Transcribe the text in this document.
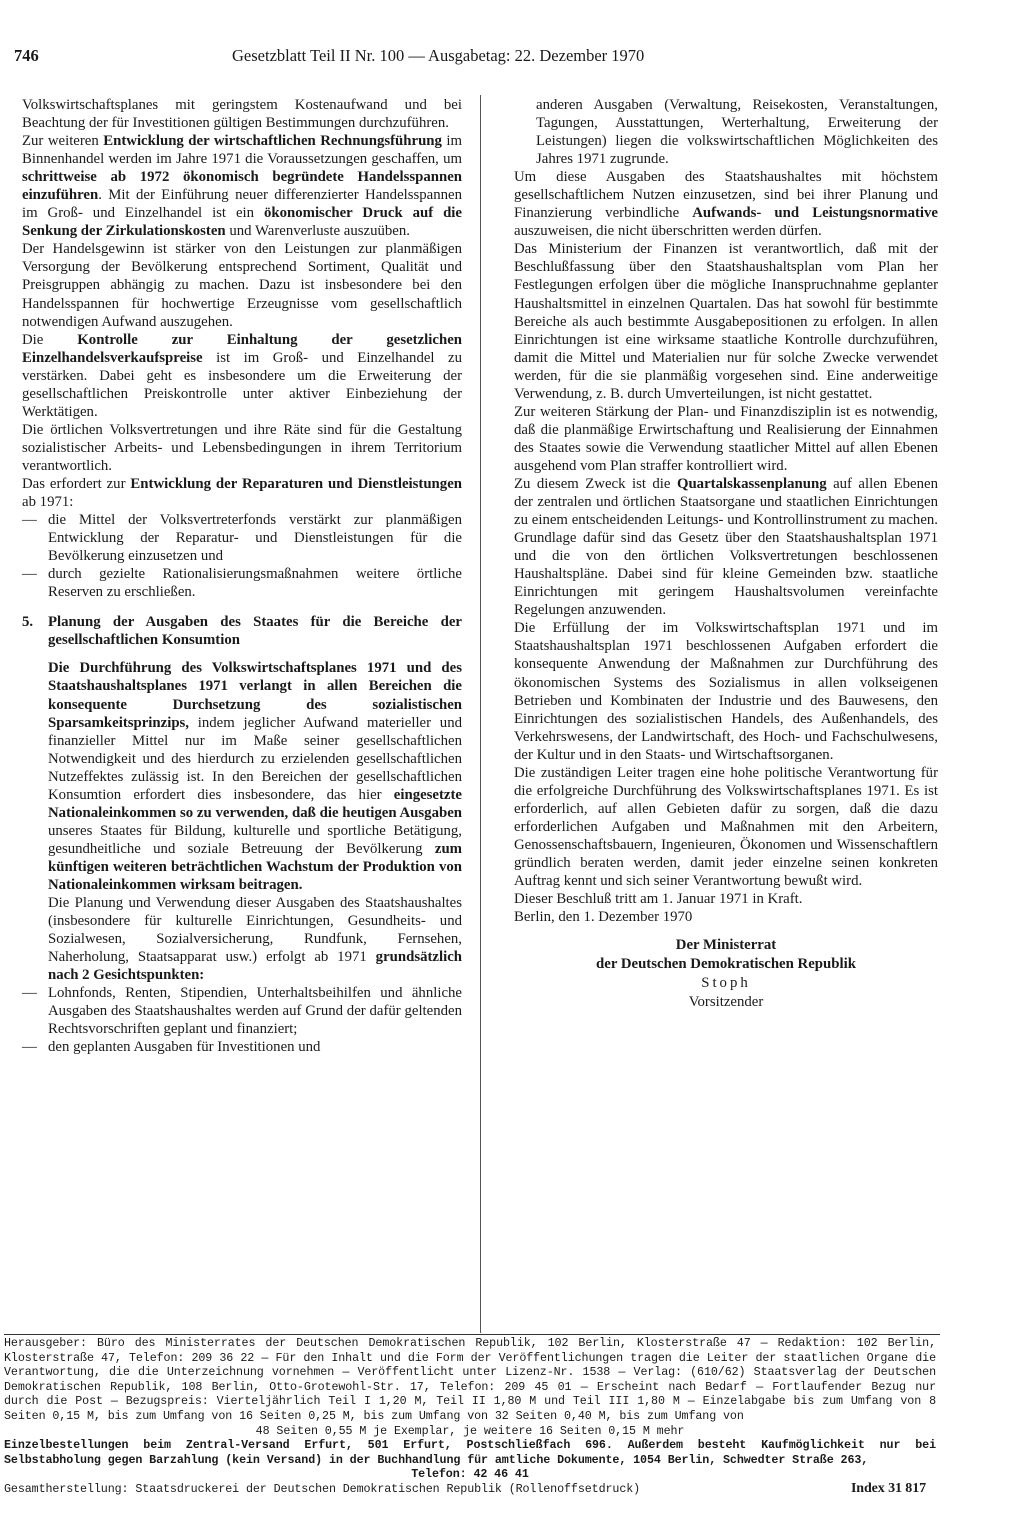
746	Gesetzblatt Teil II Nr. 100 — Ausgabetag: 22. Dezember 1970

Volkswirtschaftsplanes mit geringstem Kostenaufwand und bei Beachtung der für Investitionen gültigen Bestimmungen durchzuführen.

Zur weiteren Entwicklung der wirtschaftlichen Rechnungsführung im Binnenhandel werden im Jahre 1971 die Voraussetzungen geschaffen, um schrittweise ab 1972 ökonomisch begründete Handelsspannen einzuführen. Mit der Einführung neuer differenzierter Handelsspannen im Groß- und Einzelhandel ist ein ökonomischer Druck auf die Senkung der Zirkulationskosten und Warenverluste auszuüben.

Der Handelsgewinn ist stärker von den Leistungen zur planmäßigen Versorgung der Bevölkerung entsprechend Sortiment, Qualität und Preisgruppen abhängig zu machen. Dazu ist insbesondere bei den Handelsspannen für hochwertige Erzeugnisse vom gesellschaftlich notwendigen Aufwand auszugehen.

Die Kontrolle zur Einhaltung der gesetzlichen Einzelhandelsverkaufspreise ist im Groß- und Einzelhandel zu verstärken. Dabei geht es insbesondere um die Erweiterung der gesellschaftlichen Preiskontrolle unter aktiver Einbeziehung der Werktätigen.

Die örtlichen Volksvertretungen und ihre Räte sind für die Gestaltung sozialistischer Arbeits- und Lebensbedingungen in ihrem Territorium verantwortlich.

Das erfordert zur Entwicklung der Reparaturen und Dienstleistungen ab 1971:

— die Mittel der Volksvertreterfonds verstärkt zur planmäßigen Entwicklung der Reparatur- und Dienstleistungen für die Bevölkerung einzusetzen und
— durch gezielte Rationalisierungsmaßnahmen weitere örtliche Reserven zu erschließen.
5.	Planung der Ausgaben des Staates für die Bereiche der gesellschaftlichen Konsumtion

Die Durchführung des Volkswirtschaftsplanes 1971 und des Staatshaushaltsplanes 1971 verlangt in allen Bereichen die konsequente Durchsetzung des sozialistischen Sparsamkeitsprinzips, indem jeglicher Aufwand materieller und finanzieller Mittel nur im Maße seiner gesellschaftlichen Notwendigkeit und des hierdurch zu erzielenden gesellschaftlichen Nutzeffektes zulässig ist. In den Bereichen der gesellschaftlichen Konsumtion erfordert dies insbesondere, das hier eingesetzte Nationaleinkommen so zu verwenden, daß die heutigen Ausgaben unseres Staates für Bildung, kulturelle und sportliche Betätigung, gesundheitliche und soziale Betreuung der Bevölkerung zum künftigen weiteren beträchtlichen Wachstum der Produktion von Nationaleinkommen wirksam beitragen.

Die Planung und Verwendung dieser Ausgaben des Staatshaushaltes (insbesondere für kulturelle Einrichtungen, Gesundheits- und Sozialwesen, Sozialversicherung, Rundfunk, Fernsehen, Naherholung, Staatsapparat usw.) erfolgt ab 1971 grundsätzlich nach 2 Gesichtspunkten:

— Lohnfonds, Renten, Stipendien, Unterhaltsbeihilfen und ähnliche Ausgaben des Staatshaushaltes werden auf Grund der dafür geltenden Rechtsvorschriften geplant und finanziert;
— den geplanten Ausgaben für Investitionen und

anderen Ausgaben (Verwaltung, Reisekosten, Veranstaltungen, Tagungen, Ausstattungen, Werterhaltung, Erweiterung der Leistungen) liegen die volkswirtschaftlichen Möglichkeiten des Jahres 1971 zugrunde.

Um diese Ausgaben des Staatshaushaltes mit höchstem gesellschaftlichem Nutzen einzusetzen, sind bei ihrer Planung und Finanzierung verbindliche Aufwands- und Leistungsnormative auszuweisen, die nicht überschritten werden dürfen.

Das Ministerium der Finanzen ist verantwortlich, daß mit der Beschlußfassung über den Staatshaushaltsplan vom Plan her Festlegungen erfolgen über die mögliche Inanspruchnahme geplanter Haushaltsmittel in einzelnen Quartalen. Das hat sowohl für bestimmte Bereiche als auch bestimmte Ausgabepositionen zu erfolgen. In allen Einrichtungen ist eine wirksame staatliche Kontrolle durchzuführen, damit die Mittel und Materialien nur für solche Zwecke verwendet werden, für die sie planmäßig vorgesehen sind. Eine anderweitige Verwendung, z. B. durch Umverteilungen, ist nicht gestattet.

Zur weiteren Stärkung der Plan- und Finanzdisziplin ist es notwendig, daß die planmäßige Erwirtschaftung und Realisierung der Einnahmen des Staates sowie die Verwendung staatlicher Mittel auf allen Ebenen ausgehend vom Plan straffer kontrolliert wird.

Zu diesem Zweck ist die Quartalskassenplanung auf allen Ebenen der zentralen und örtlichen Staatsorgane und staatlichen Einrichtungen zu einem entscheidenden Leitungs- und Kontrollinstrument zu machen. Grundlage dafür sind das Gesetz über den Staatshaushaltsplan 1971 und die von den örtlichen Volksvertretungen beschlossenen Haushaltspläne. Dabei sind für kleine Gemeinden bzw. staatliche Einrichtungen mit geringem Haushaltsvolumen vereinfachte Regelungen anzuwenden.

Die Erfüllung der im Volkswirtschaftsplan 1971 und im Staatshaushaltsplan 1971 beschlossenen Aufgaben erfordert die konsequente Anwendung der Maßnahmen zur Durchführung des ökonomischen Systems des Sozialismus in allen volkseigenen Betrieben und Kombinaten der Industrie und des Bauwesens, den Einrichtungen des sozialistischen Handels, des Außenhandels, des Verkehrswesens, der Landwirtschaft, des Hoch- und Fachschulwesens, der Kultur und in den Staats- und Wirtschaftsorganen.

Die zuständigen Leiter tragen eine hohe politische Verantwortung für die erfolgreiche Durchführung des Volkswirtschaftsplanes 1971. Es ist erforderlich, auf allen Gebieten dafür zu sorgen, daß die dazu erforderlichen Aufgaben und Maßnahmen mit den Arbeitern, Genossenschaftsbauern, Ingenieuren, Ökonomen und Wissenschaftlern gründlich beraten werden, damit jeder einzelne seinen konkreten Auftrag kennt und sich seiner Verantwortung bewußt wird.

Dieser Beschluß tritt am 1. Januar 1971 in Kraft.

Berlin, den 1. Dezember 1970

Der Ministerrat
der Deutschen Demokratischen Republik
Stoph
Vorsitzender

Herausgeber: Büro des Ministerrates der Deutschen Demokratischen Republik, 102 Berlin, Klosterstraße 47 — Redaktion: 102 Berlin, Klosterstraße 47, Telefon: 209 36 22 — Für den Inhalt und die Form der Veröffentlichungen tragen die Leiter der staatlichen Organe die Verantwortung, die die Unterzeichnung vornehmen — Veröffentlicht unter Lizenz-Nr. 1538 — Verlag: (610/62) Staatsverlag der Deutschen Demokratischen Republik, 108 Berlin, Otto-Grotewohl-Str. 17, Telefon: 209 45 01 — Erscheint nach Bedarf — Fortlaufender Bezug nur durch die Post — Bezugspreis: Vierteljährlich Teil I 1,20 M, Teil II 1,80 M und Teil III 1,80 M — Einzelabgabe bis zum Umfang von 8 Seiten 0,15 M, bis zum Umfang von 16 Seiten 0,25 M, bis zum Umfang von 32 Seiten 0,40 M, bis zum Umfang von

48 Seiten 0,55 M je Exemplar, je weitere 16 Seiten 0,15 M mehr

Einzelbestellungen beim Zentral-Versand Erfurt, 501 Erfurt, Postschließfach 696. Außerdem besteht Kaufmöglichkeit nur bei Selbstabholung gegen Barzahlung (kein Versand) in der Buchhandlung für amtliche Dokumente, 1054 Berlin, Schwedter Straße 263,

Telefon: 42 46 41

Gesamtherstellung: Staatsdruckerei der Deutschen Demokratischen Republik (Rollenoffsetdruck)	Index 31 817
